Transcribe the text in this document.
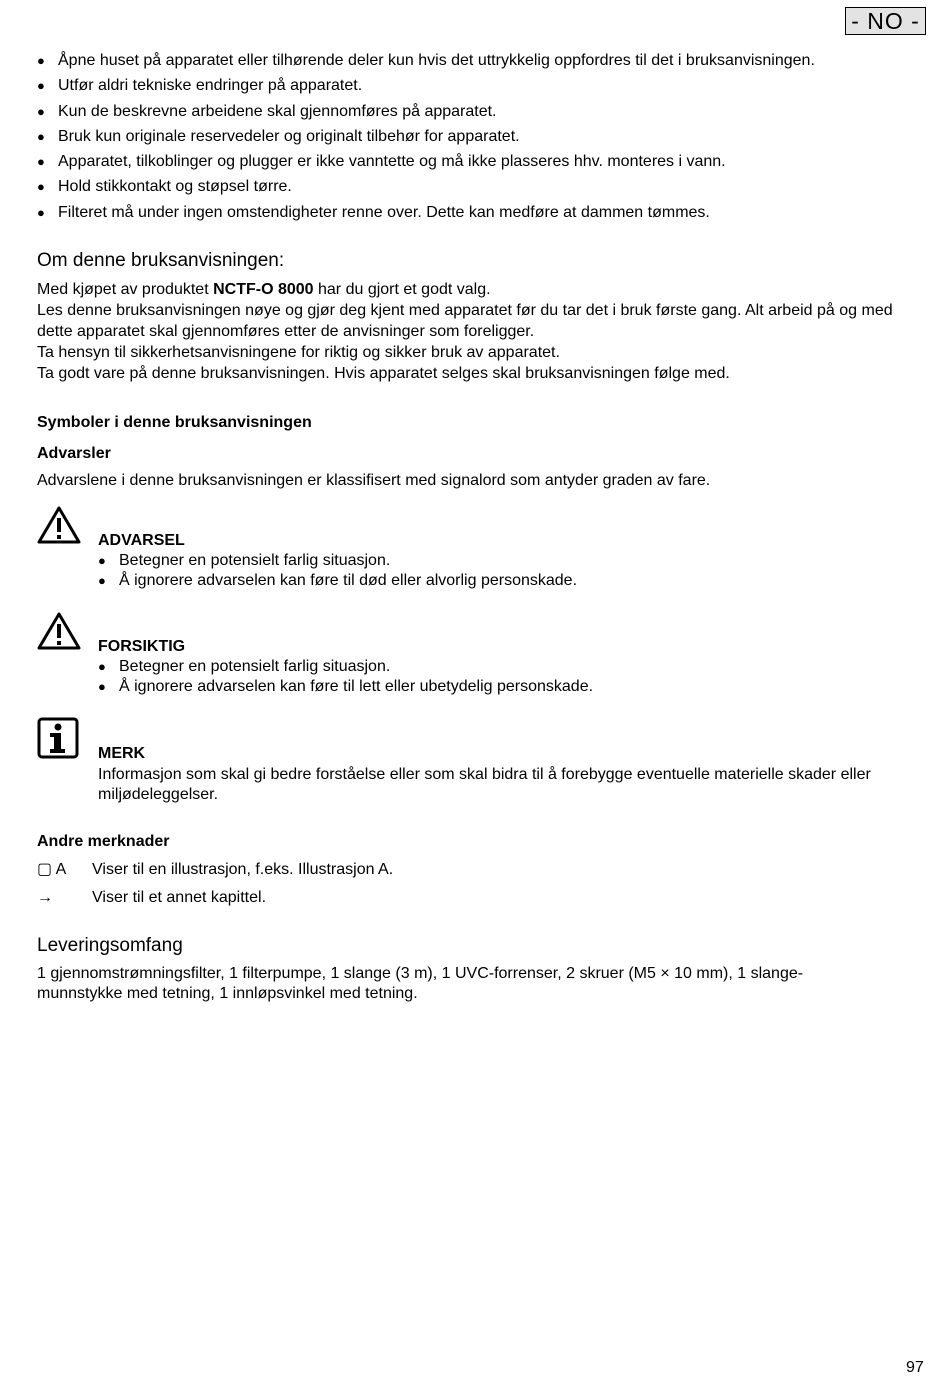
- NO -
● Åpne huset på apparatet eller tilhørende deler kun hvis det uttrykkelig oppfordres til det i bruksanvisningen.
● Utfør aldri tekniske endringer på apparatet.
● Kun de beskrevne arbeidene skal gjennomføres på apparatet.
● Bruk kun originale reservedeler og originalt tilbehør for apparatet.
● Apparatet, tilkoblinger og plugger er ikke vanntette og må ikke plasseres hhv. monteres i vann.
● Hold stikkontakt og støpsel tørre.
● Filteret må under ingen omstendigheter renne over. Dette kan medføre at dammen tømmes.
Om denne bruksanvisningen:

Med kjøpet av produktet NCTF-O 8000 har du gjort et godt valg.

Les denne bruksanvisningen nøye og gjør deg kjent med apparatet før du tar det i bruk første gang. Alt arbeid på og med dette apparatet skal gjennomføres etter de anvisninger som foreligger.

Ta hensyn til sikkerhetsanvisningene for riktig og sikker bruk av apparatet.

Ta godt vare på denne bruksanvisningen. Hvis apparatet selges skal bruksanvisningen følge med.

Symboler i denne bruksanvisningen
Advarsler

Advarslene i denne bruksanvisningen er klassifisert med signalord som antyder graden av fare.

ADVARSEL
● Betegner en potensielt farlig situasjon.
● Å ignorere advarselen kan føre til død eller alvorlig personskade.
FORSIKTIG
● Betegner en potensielt farlig situasjon.
● Å ignorere advarselen kan føre til lett eller ubetydelig personskade.
MERK
Informasjon som skal gi bedre forståelse eller som skal bidra til å forebygge eventuelle materielle skader eller miljødeleggelser.
Andre merknader
▢ A Viser til en illustrasjon, f.eks. Illustrasjon A.
→ Viser til et annet kapittel.
Leveringsomfang

1 gjennomstrømningsfilter, 1 filterpumpe, 1 slange (3 m), 1 UVC-forrenser, 2 skruer (M5 × 10 mm), 1 slange-munnstykke med tetning, 1 innløpsvinkel med tetning.

97
